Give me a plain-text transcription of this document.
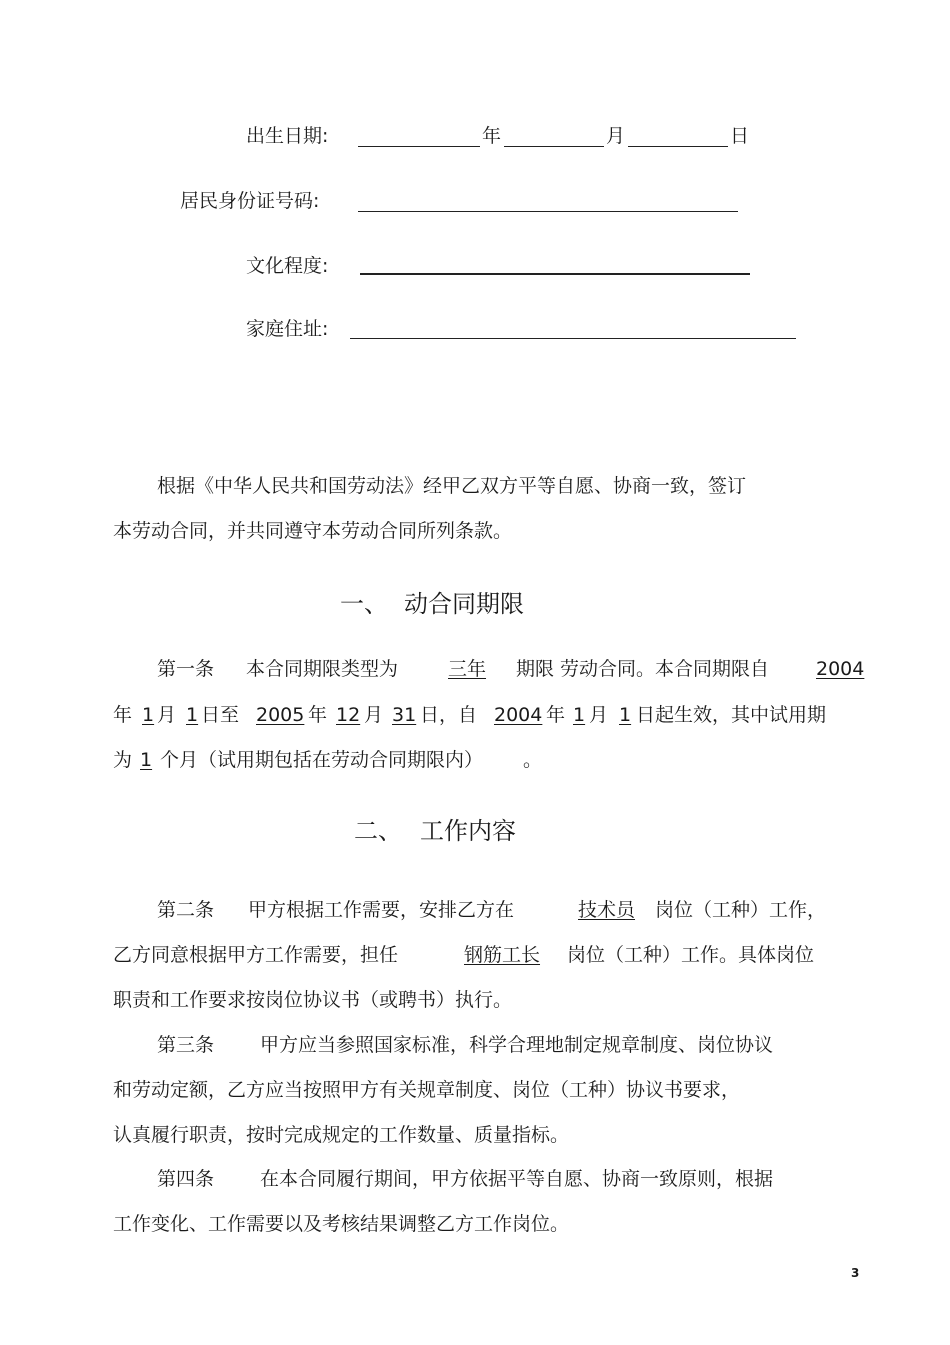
出生日期:	年	月	日
居民身份证号码:
文化程度:
家庭住址:
根据《中华人民共和国劳动法》经甲乙双方平等自愿、协商一致，签订
本劳动合同，并共同遵守本劳动合同所列条款。
一、 动合同期限
第一条 本合同期限类型为	三年	期限 劳动合同。本合同期限自 2004
年 1 月 1 日至 2005 年 12 月 31 日，自 2004 年 1 月 1 日起生效，其中试用期
为 1 个月（试用期包括在劳动合同期限内） 。
二、 工作内容
第二条 甲方根据工作需要，安排乙方在	技术员	岗位（工种）工作，
乙方同意根据甲方工作需要，担任	钢筋工长	岗位（工种）工作。具体岗位
职责和工作要求按岗位协议书（或聘书）执行。
第三条 甲方应当参照国家标准，科学合理地制定规章制度、岗位协议
和劳动定额，乙方应当按照甲方有关规章制度、岗位（工种）协议书要求，
认真履行职责，按时完成规定的工作数量、质量指标。
第四条 在本合同履行期间，甲方依据平等自愿、协商一致原则，根据
工作变化、工作需要以及考核结果调整乙方工作岗位。
3
